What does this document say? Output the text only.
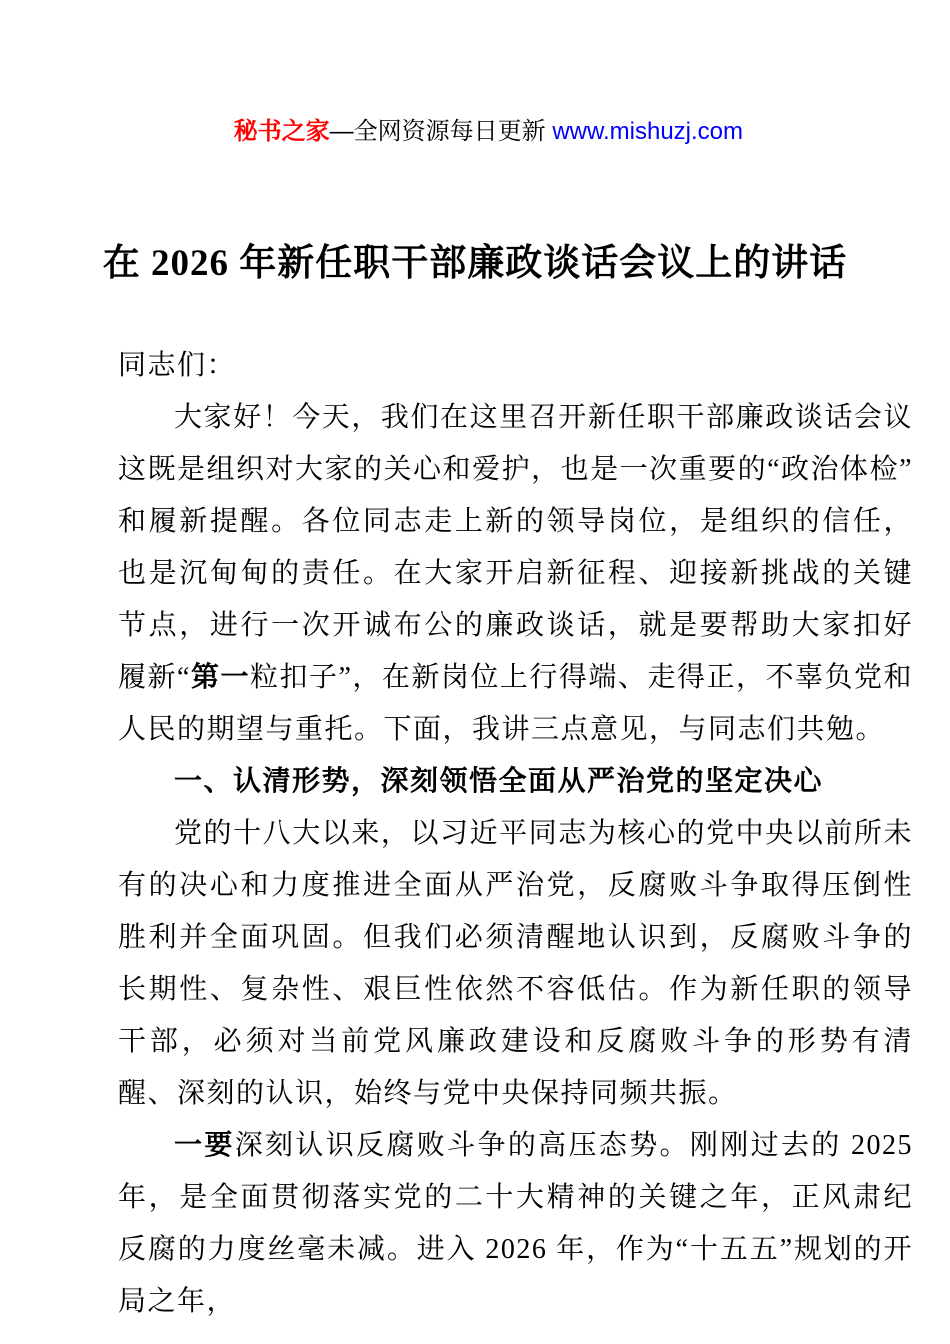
秘书之家—全网资源每日更新 www.mishuzj.com

在 2026 年新任职干部廉政谈话会议上的讲话

同志们：

大家好！今天，我们在这里召开新任职干部廉政谈话会议这既是组织对大家的关心和爱护，也是一次重要的“政治体检”和履新提醒。各位同志走上新的领导岗位，是组织的信任，也是沉甸甸的责任。在大家开启新征程、迎接新挑战的关键节点，进行一次开诚布公的廉政谈话，就是要帮助大家扣好履新“第一粒扣子”，在新岗位上行得端、走得正，不辜负党和人民的期望与重托。下面，我讲三点意见，与同志们共勉。

一、认清形势，深刻领悟全面从严治党的坚定决心

党的十八大以来，以习近平同志为核心的党中央以前所未有的决心和力度推进全面从严治党，反腐败斗争取得压倒性胜利并全面巩固。但我们必须清醒地认识到，反腐败斗争的长期性、复杂性、艰巨性依然不容低估。作为新任职的领导干部，必须对当前党风廉政建设和反腐败斗争的形势有清醒、深刻的认识，始终与党中央保持同频共振。

一要深刻认识反腐败斗争的高压态势。刚刚过去的 2025 年，是全面贯彻落实党的二十大精神的关键之年，正风肃纪反腐的力度丝毫未减。进入 2026 年，作为“十五五”规划的开局之年，
